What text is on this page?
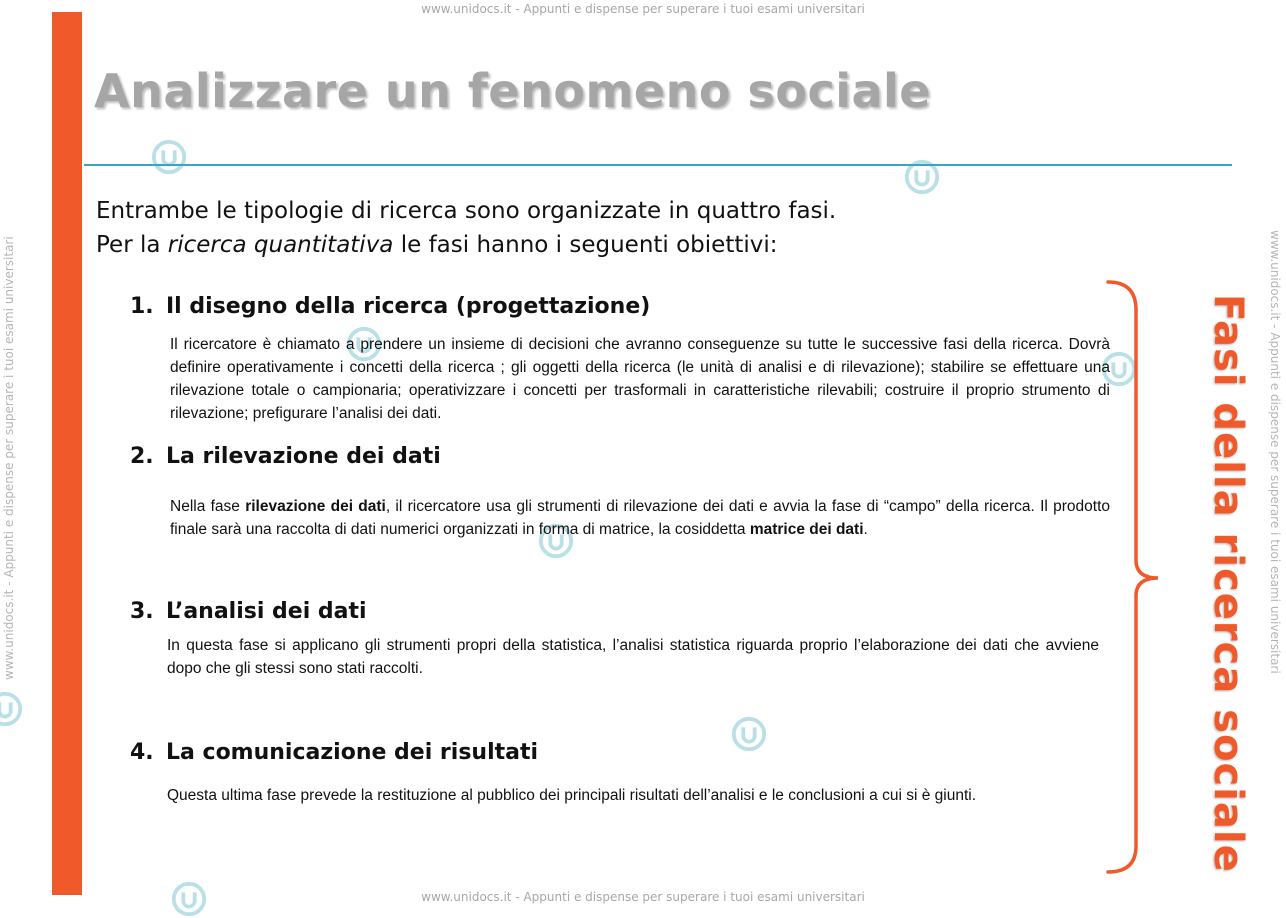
www.unidocs.it - Appunti e dispense per superare i tuoi esami universitari
www.unidocs.it - Appunti e dispense per superare i tuoi esami universitari
www.unidocs.it - Appunti e dispense per superare i tuoi esami universitari	www.unidocs.it - Appunti e dispense per superare i tuoi esami universitari
Analizzare un fenomeno sociale
Entrambe le tipologie di ricerca sono organizzate in quattro fasi.
Per la ricerca quantitativa le fasi hanno i seguenti obiettivi:
1. Il disegno della ricerca (progettazione)
Il ricercatore è chiamato a prendere un insieme di decisioni che avranno conseguenze su tutte le successive fasi della ricerca. Dovrà definire operativamente i concetti della ricerca ; gli oggetti della ricerca (le unità di analisi e di rilevazione); stabilire se effettuare una rilevazione totale o campionaria; operativizzare i concetti per trasformali in caratteristiche rilevabili; costruire il proprio strumento di rilevazione; prefigurare l’analisi dei dati.
2. La rilevazione dei dati
Nella fase rilevazione dei dati, il ricercatore usa gli strumenti di rilevazione dei dati e avvia la fase di “campo” della ricerca. Il prodotto finale sarà una raccolta di dati numerici organizzati in forma di matrice, la cosiddetta matrice dei dati.
3. L’analisi dei dati
In questa fase si applicano gli strumenti propri della statistica, l’analisi statistica riguarda proprio l’elaborazione dei dati che avviene dopo che gli stessi sono stati raccolti.
4. La comunicazione dei risultati
Questa ultima fase prevede la restituzione al pubblico dei principali risultati dell’analisi e le conclusioni a cui si è giunti.	Fasi della ricerca sociale
